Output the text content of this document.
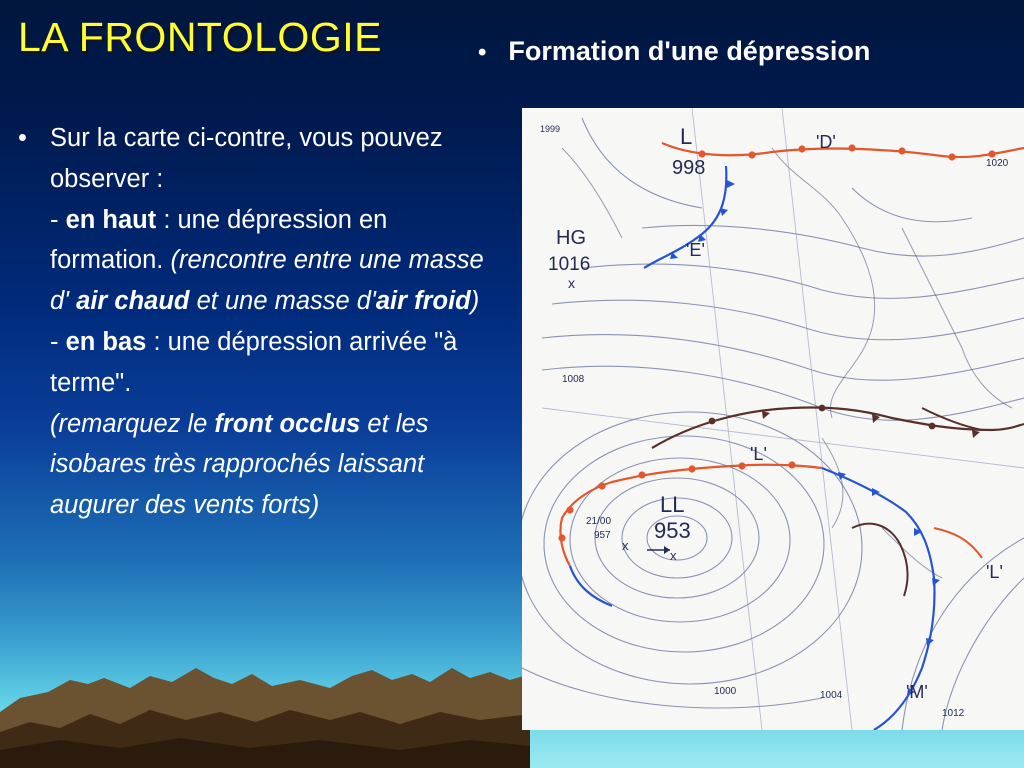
LA FRONTOLOGIE	• Formation d'une dépression
• Sur la carte ci-contre, vous pouvez observer :
- en haut : une dépression en formation. (rencontre entre une masse d' air chaud et une masse d'air froid)
- en bas : une dépression arrivée "à terme".
(remarquez le front occlus et les isobares très rapprochés laissant augurer des vents forts)
1999	L
998
'D'
'E'
HG
1016
x
1008
1020
1000	1004
1012
'L'
'L'
'M'
LL
953
21/00
957
x
x
